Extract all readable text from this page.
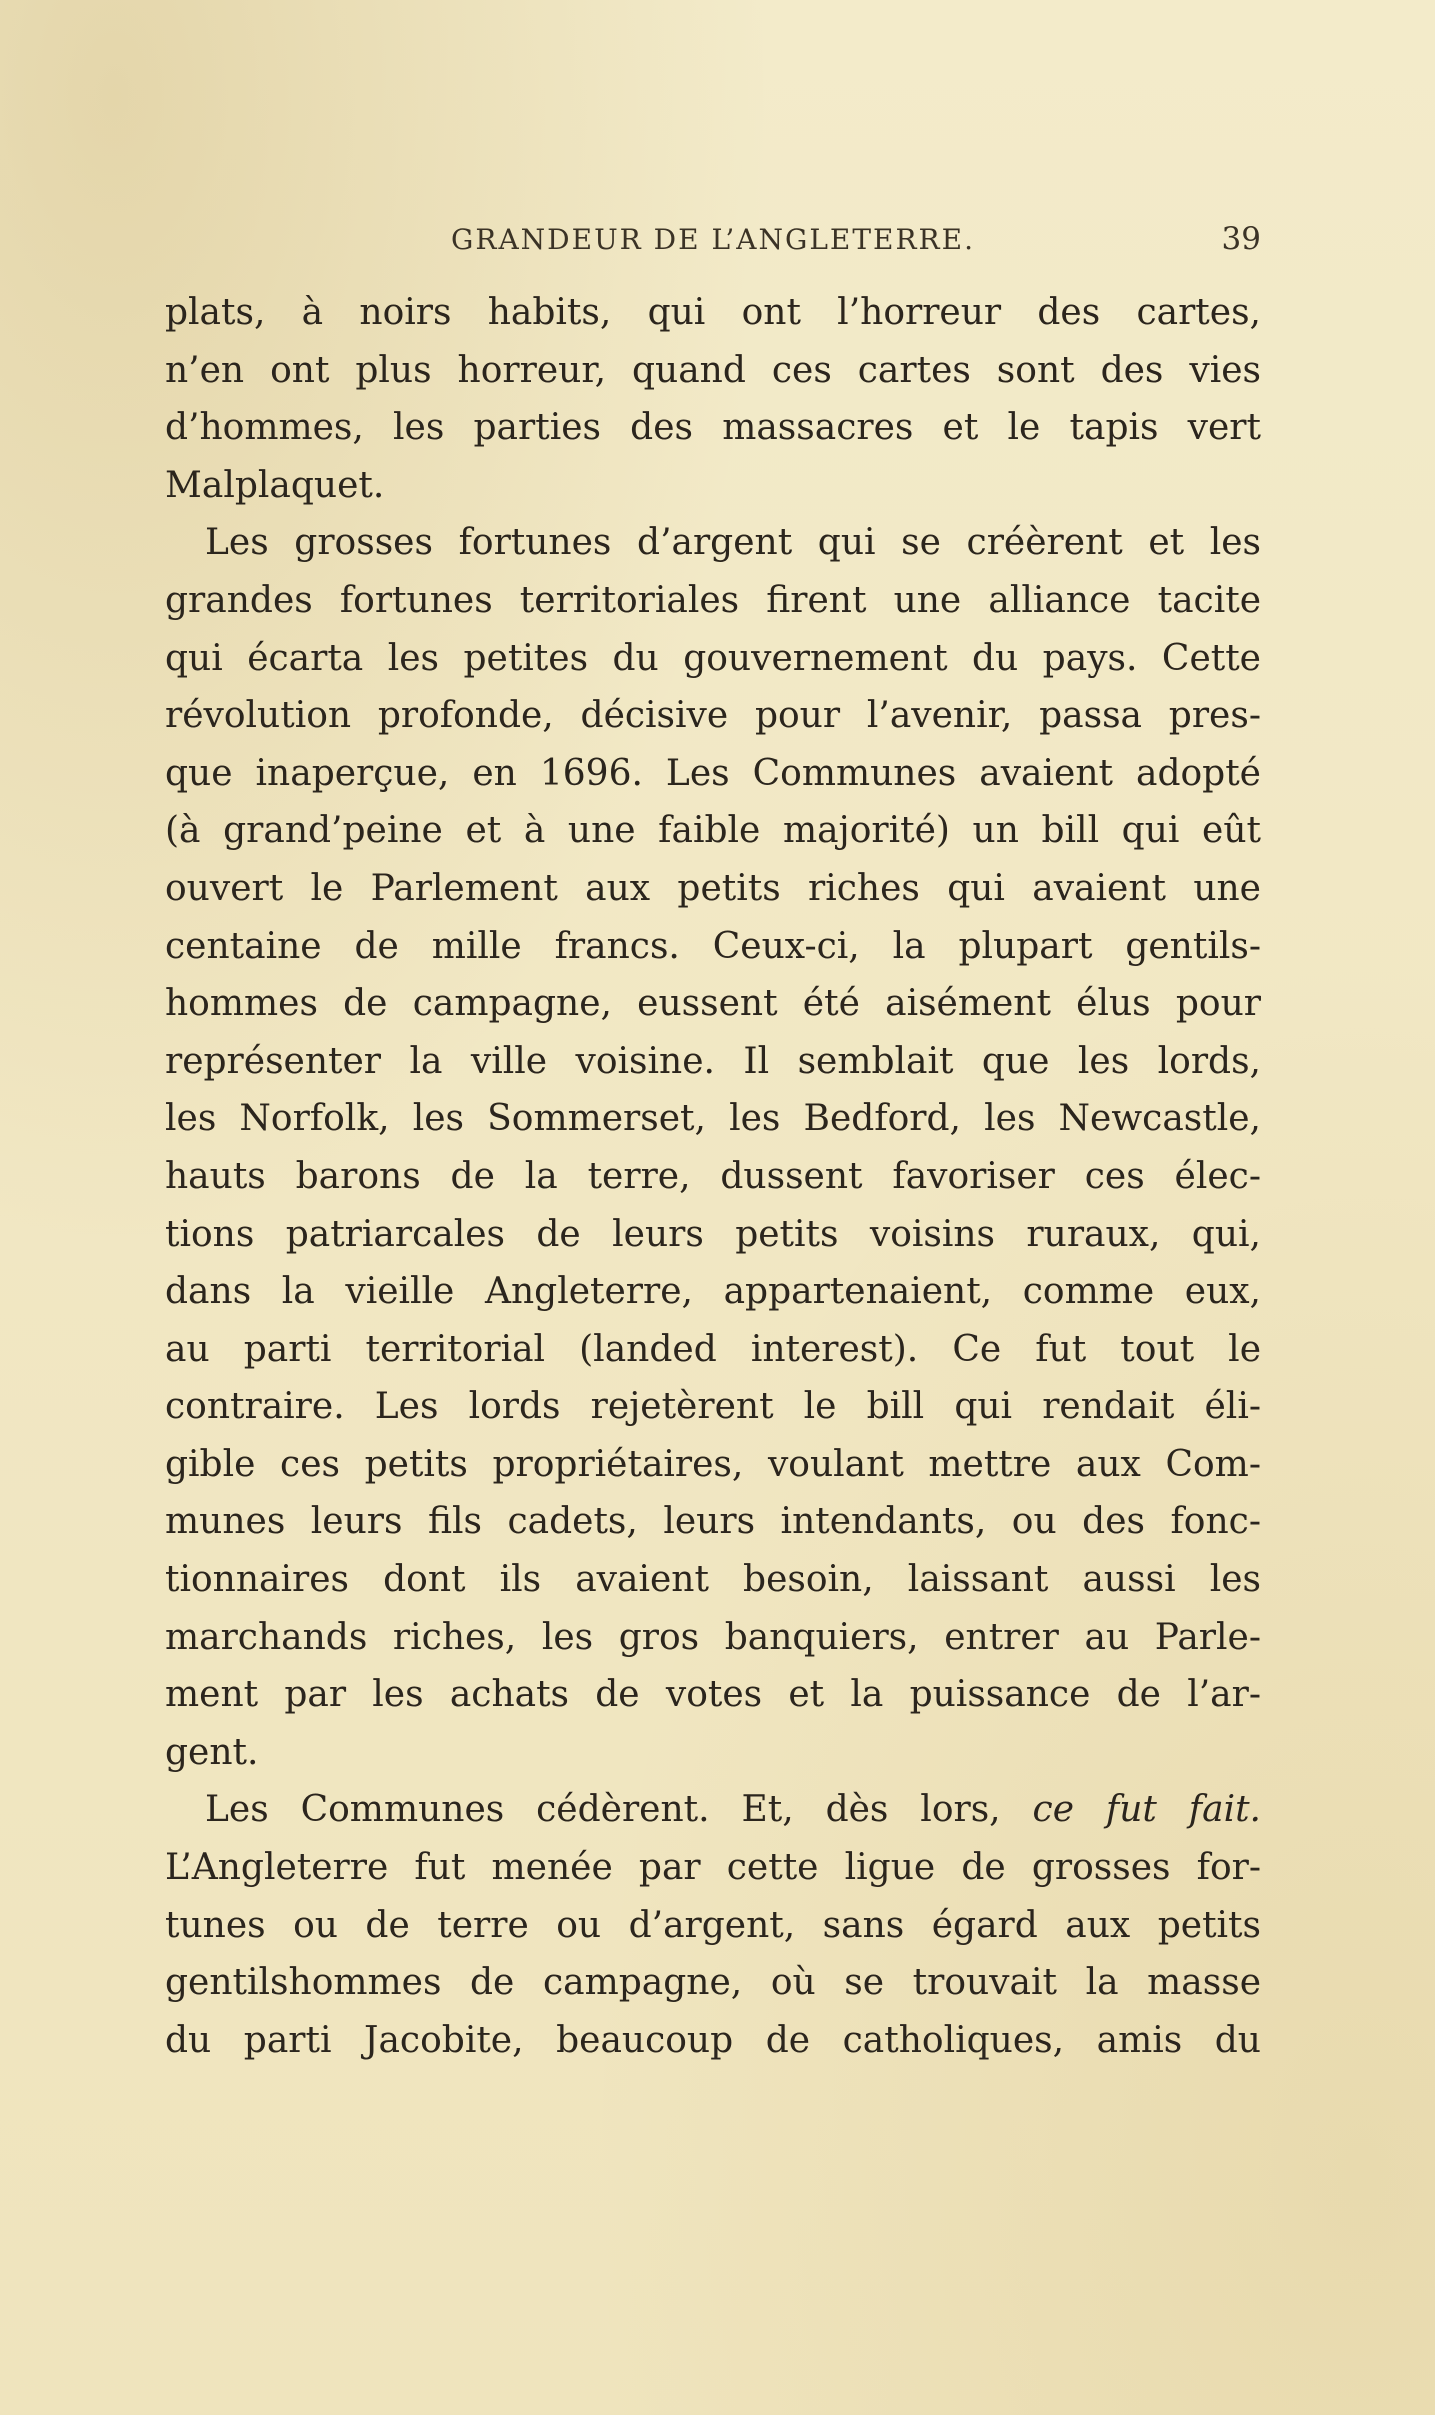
GRANDEUR DE L’ANGLETERRE.	39
plats, à noirs habits, qui ont l’horreur des cartes,
n’en ont plus horreur, quand ces cartes sont des vies
d’hommes, les parties des massacres et le tapis vert
Malplaquet.
Les grosses fortunes d’argent qui se créèrent et les
grandes fortunes territoriales firent une alliance tacite
qui écarta les petites du gouvernement du pays. Cette
révolution profonde, décisive pour l’avenir, passa pres-
que inaperçue, en 1696. Les Communes avaient adopté
(à grand’peine et à une faible majorité) un bill qui eût
ouvert le Parlement aux petits riches qui avaient une
centaine de mille francs. Ceux-ci, la plupart gentils-
hommes de campagne, eussent été aisément élus pour
représenter la ville voisine. Il semblait que les lords,
les Norfolk, les Sommerset, les Bedford, les Newcastle,
hauts barons de la terre, dussent favoriser ces élec-
tions patriarcales de leurs petits voisins ruraux, qui,
dans la vieille Angleterre, appartenaient, comme eux,
au parti territorial (landed interest). Ce fut tout le
contraire. Les lords rejetèrent le bill qui rendait éli-
gible ces petits propriétaires, voulant mettre aux Com-
munes leurs fils cadets, leurs intendants, ou des fonc-
tionnaires dont ils avaient besoin, laissant aussi les
marchands riches, les gros banquiers, entrer au Parle-
ment par les achats de votes et la puissance de l’ar-
gent.
Les Communes cédèrent. Et, dès lors, ce fut fait.
L’Angleterre fut menée par cette ligue de grosses for-
tunes ou de terre ou d’argent, sans égard aux petits
gentilshommes de campagne, où se trouvait la masse
du parti Jacobite, beaucoup de catholiques, amis du
